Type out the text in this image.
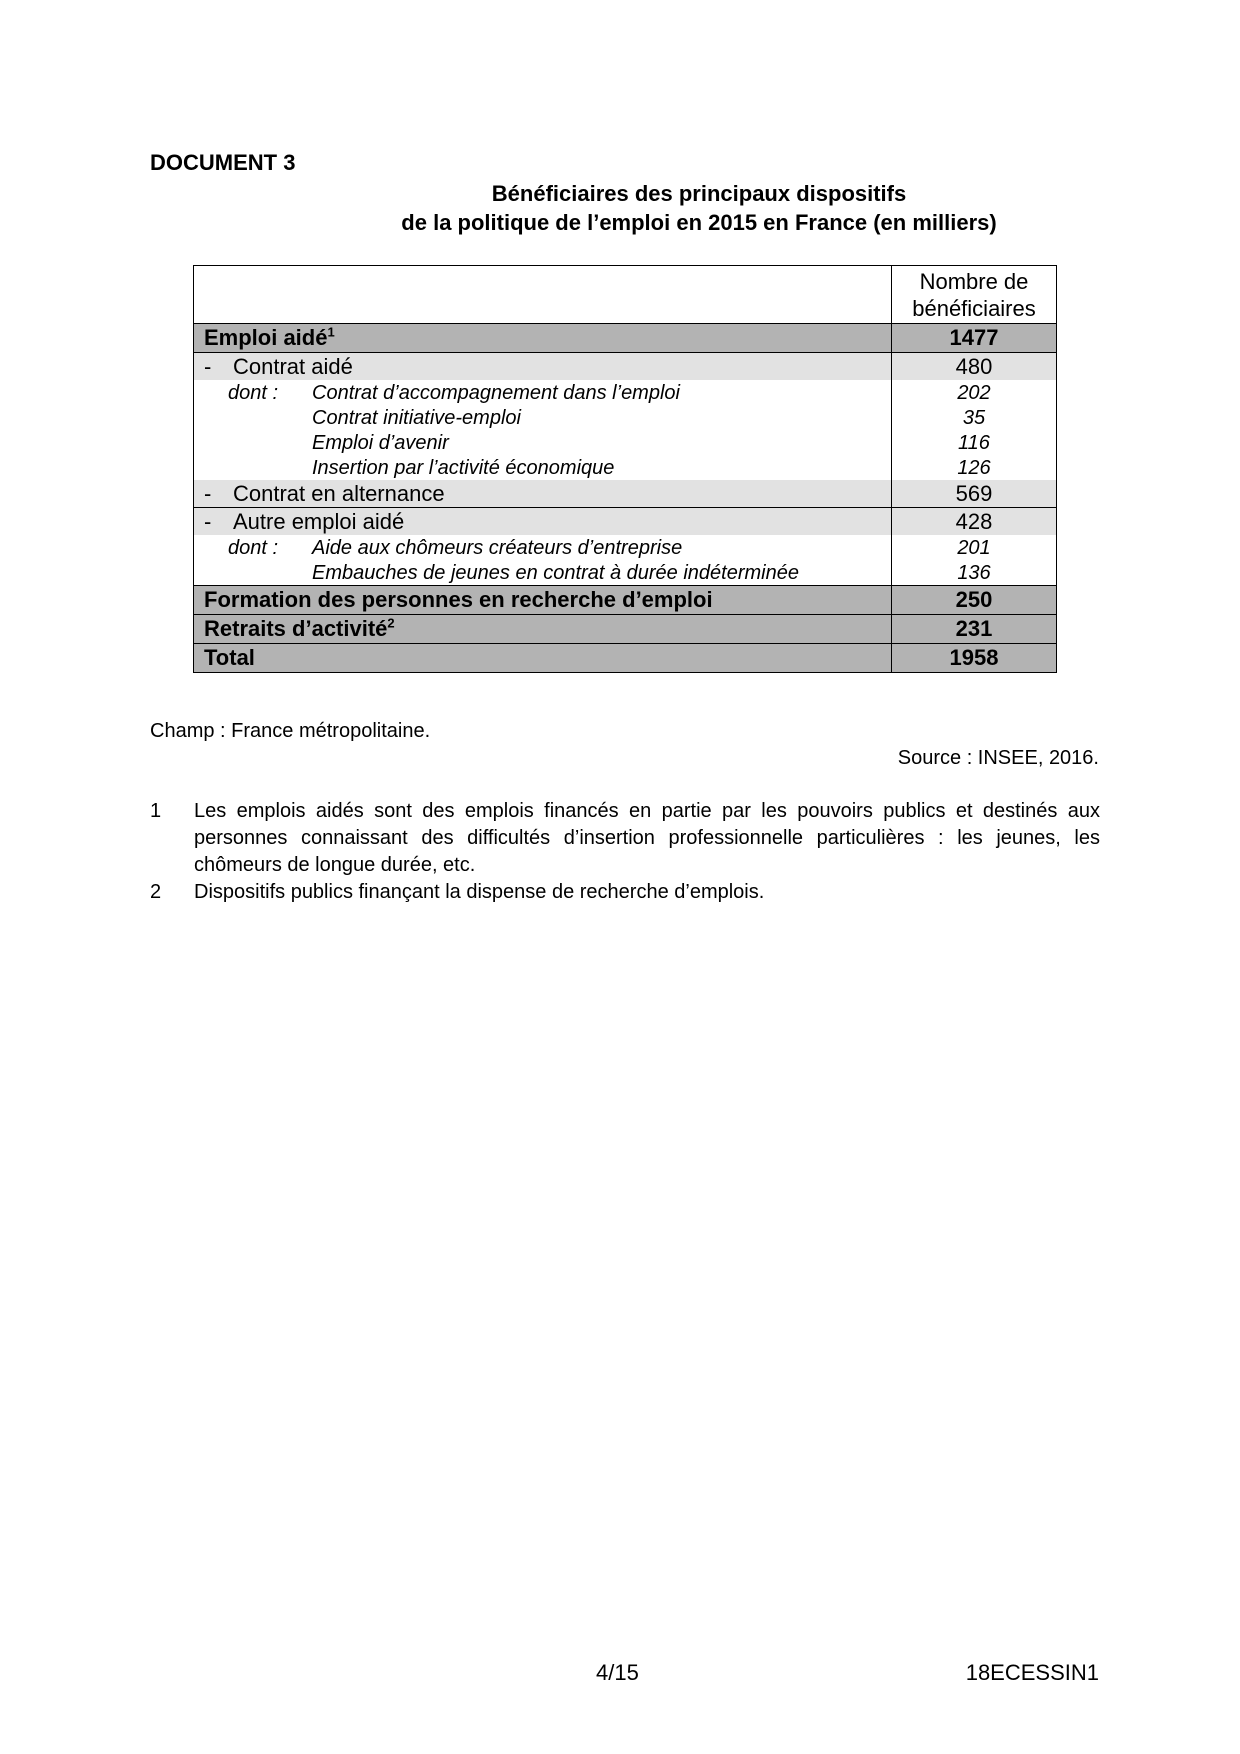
DOCUMENT 3
Bénéficiaires des principaux dispositifs
de la politique de l’emploi en 2015 en France (en milliers)
	Nombre de
bénéficiaires
Emploi aidé$^1$	1477
- Contrat aidé	480
dont : Contrat d’accompagnement dans l’emploi	202
Contrat initiative-emploi	35
Emploi d’avenir	116
Insertion par l’activité économique	126
- Contrat en alternance	569
- Autre emploi aidé	428
dont : Aide aux chômeurs créateurs d’entreprise	201
Embauches de jeunes en contrat à durée indéterminée	136
Formation des personnes en recherche d’emploi	250
Retraits d’activité$^2$	231
Total	1958
Champ : France métropolitaine.
Source : INSEE, 2016.
1 Les emplois aidés sont des emplois financés en partie par les pouvoirs publics et destinés aux personnes connaissant des difficultés d’insertion professionnelle particulières : les jeunes, les chômeurs de longue durée, etc.
2 Dispositifs publics finançant la dispense de recherche d’emplois.
4/15	18ECESSIN1
